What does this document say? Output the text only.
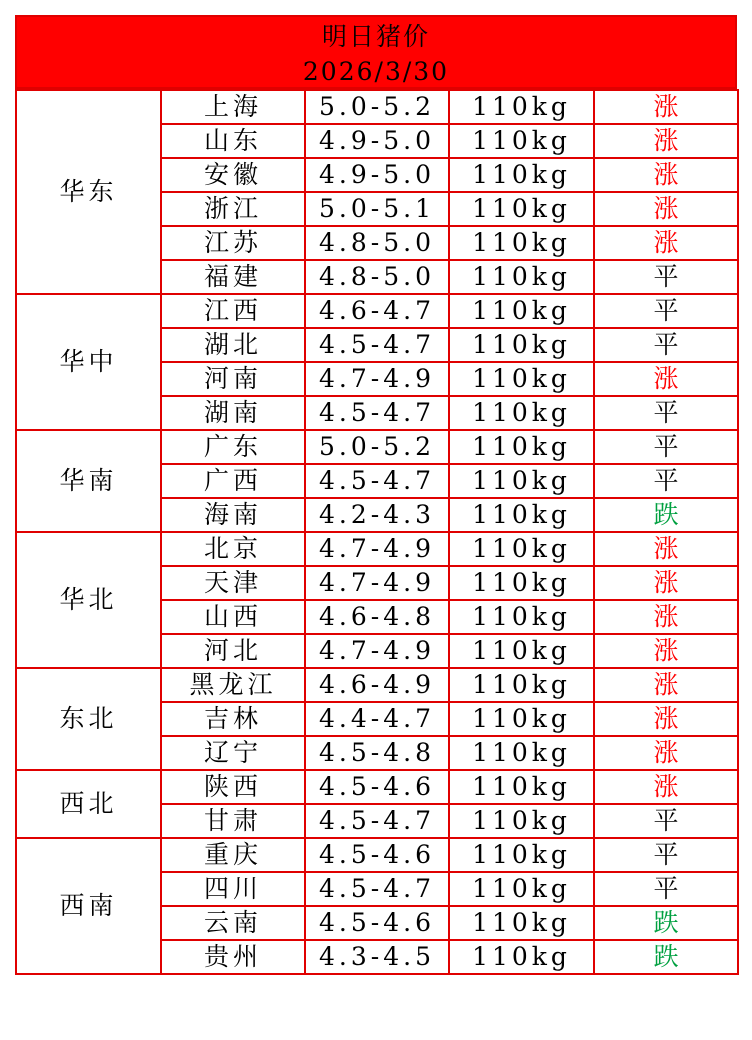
明日猪价
2026/3/30
华东	上海	5.0-5.2	110kg	涨
	山东	4.9-5.0	110kg	涨
	安徽	4.9-5.0	110kg	涨
	浙江	5.0-5.1	110kg	涨
	江苏	4.8-5.0	110kg	涨
	福建	4.8-5.0	110kg	平
华中	江西	4.6-4.7	110kg	平
	湖北	4.5-4.7	110kg	平
	河南	4.7-4.9	110kg	涨
	湖南	4.5-4.7	110kg	平
华南	广东	5.0-5.2	110kg	平
	广西	4.5-4.7	110kg	平
	海南	4.2-4.3	110kg	跌
华北	北京	4.7-4.9	110kg	涨
	天津	4.7-4.9	110kg	涨
	山西	4.6-4.8	110kg	涨
	河北	4.7-4.9	110kg	涨
东北	黑龙江	4.6-4.9	110kg	涨
	吉林	4.4-4.7	110kg	涨
	辽宁	4.5-4.8	110kg	涨
西北	陕西	4.5-4.6	110kg	涨
	甘肃	4.5-4.7	110kg	平
西南	重庆	4.5-4.6	110kg	平
	四川	4.5-4.7	110kg	平
	云南	4.5-4.6	110kg	跌
	贵州	4.3-4.5	110kg	跌
